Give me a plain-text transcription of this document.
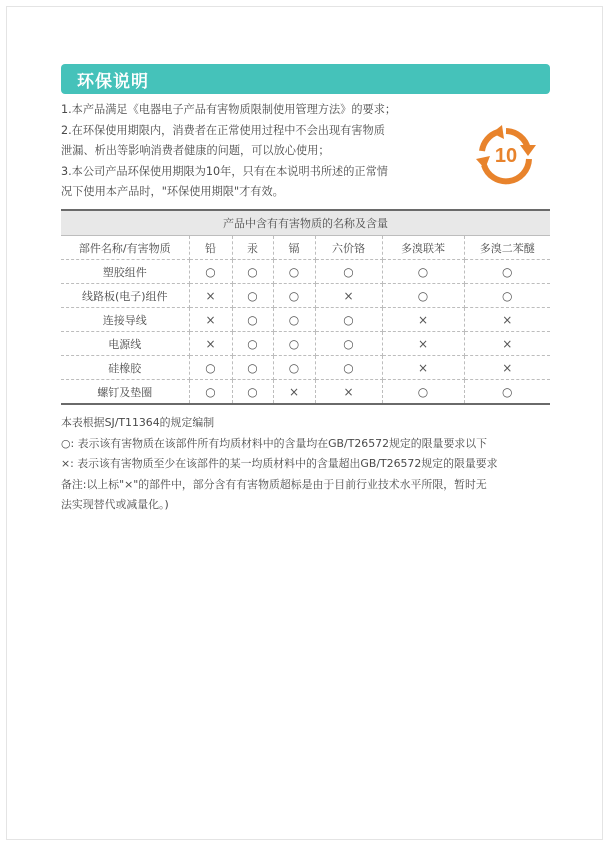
环保说明

1.本产品满足《电器电子产品有害物质限制使用管理方法》的要求；

2.在环保使用期限内，消费者在正常使用过程中不会出现有害物质

泄漏、析出等影响消费者健康的问题，可以放心使用；

3.本公司产品环保使用期限为10年，只有在本说明书所述的正常情

况下使用本产品时，"环保使用期限"才有效。

10
产品中含有有害物质的名称及含量						
部件名称/有害物质	铅	汞	镉	六价铬	多溴联苯	多溴二苯醚
塑胶组件	○	○	○	○	○	○
线路板(电子)组件	×	○	○	×	○	○
连接导线	×	○	○	○	×	×
电源线	×	○	○	○	×	×
硅橡胶	○	○	○	○	×	×
螺钉及垫圈	○	○	×	×	○	○

本表根据SJ/T11364的规定编制

○: 表示该有害物质在该部件所有均质材料中的含量均在GB/T26572规定的限量要求以下

×: 表示该有害物质至少在该部件的某一均质材料中的含量超出GB/T26572规定的限量要求

备注:以上标"×"的部件中，部分含有有害物质超标是由于目前行业技术水平所限，暂时无

法实现替代或减量化。)
